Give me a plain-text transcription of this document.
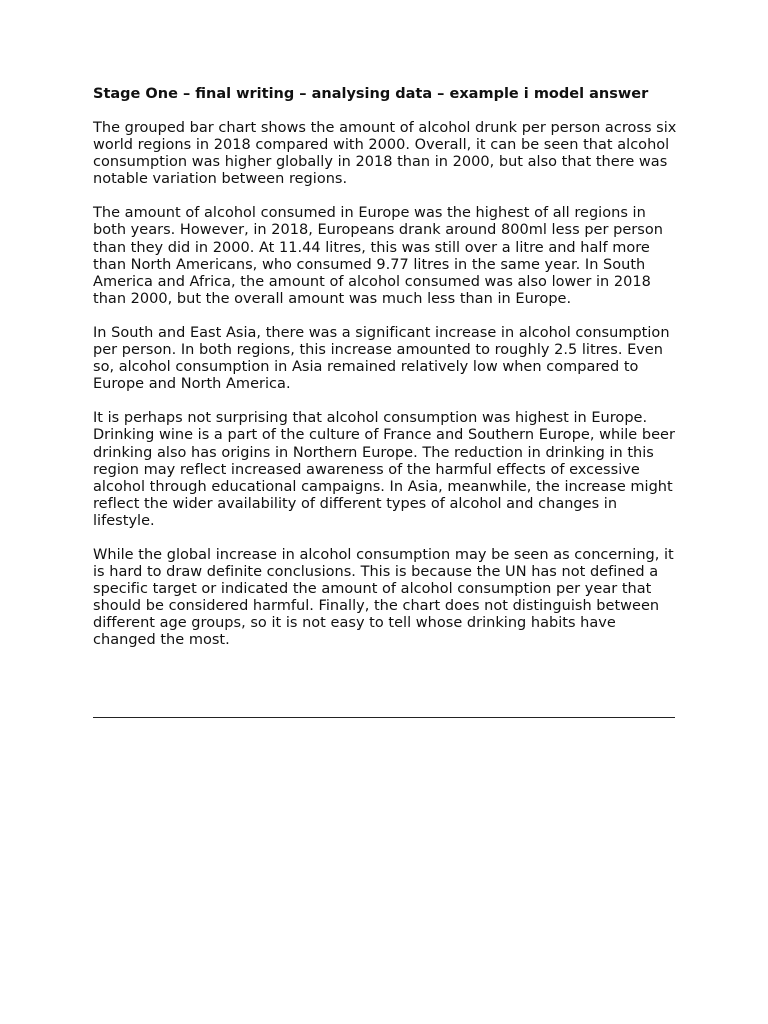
Stage One – final writing – analysing data – example i model answer

The grouped bar chart shows the amount of alcohol drunk per person across six world regions in 2018 compared with 2000. Overall, it can be seen that alcohol consumption was higher globally in 2018 than in 2000, but also that there was notable variation between regions.

The amount of alcohol consumed in Europe was the highest of all regions in both years. However, in 2018, Europeans drank around 800ml less per person than they did in 2000. At 11.44 litres, this was still over a litre and half more than North Americans, who consumed 9.77 litres in the same year. In South America and Africa, the amount of alcohol consumed was also lower in 2018 than 2000, but the overall amount was much less than in Europe.

In South and East Asia, there was a significant increase in alcohol consumption per person. In both regions, this increase amounted to roughly 2.5 litres. Even so, alcohol consumption in Asia remained relatively low when compared to Europe and North America.

It is perhaps not surprising that alcohol consumption was highest in Europe. Drinking wine is a part of the culture of France and Southern Europe, while beer drinking also has origins in Northern Europe. The reduction in drinking in this region may reflect increased awareness of the harmful effects of excessive alcohol through educational campaigns. In Asia, meanwhile, the increase might reflect the wider availability of different types of alcohol and changes in lifestyle.

While the global increase in alcohol consumption may be seen as concerning, it is hard to draw definite conclusions. This is because the UN has not defined a specific target or indicated the amount of alcohol consumption per year that should be considered harmful. Finally, the chart does not distinguish between different age groups, so it is not easy to tell whose drinking habits have changed the most.
